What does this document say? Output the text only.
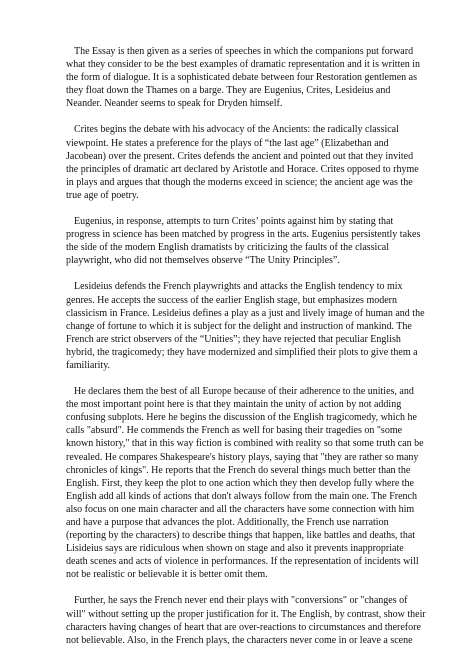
The Essay is then given as a series of speeches in which the companions put forward what they consider to be the best examples of dramatic representation and it is written in the form of dialogue. It is a sophisticated debate between four Restoration gentlemen as they float down the Thames on a barge. They are Eugenius, Crites, Lesideius and Neander. Neander seems to speak for Dryden himself.

Crites begins the debate with his advocacy of the Ancients: the radically classical viewpoint. He states a preference for the plays of “the last age” (Elizabethan and Jacobean) over the present. Crites defends the ancient and pointed out that they invited the principles of dramatic art declared by Aristotle and Horace. Crites opposed to rhyme in plays and argues that though the moderns exceed in science; the ancient age was the true age of poetry.

Eugenius, in response, attempts to turn Crites’ points against him by stating that progress in science has been matched by progress in the arts. Eugenius persistently takes the side of the modern English dramatists by criticizing the faults of the classical playwright, who did not themselves observe “The Unity Principles”.

Lesideius defends the French playwrights and attacks the English tendency to mix genres. He accepts the success of the earlier English stage, but emphasizes modern classicism in France. Lesideius defines a play as a just and lively image of human and the change of fortune to which it is subject for the delight and instruction of mankind. The French are strict observers of the “Unities”; they have rejected that peculiar English hybrid, the tragicomedy; they have modernized and simplified their plots to give them a familiarity.

He declares them the best of all Europe because of their adherence to the unities, and the most important point here is that they maintain the unity of action by not adding confusing subplots. Here he begins the discussion of the English tragicomedy, which he calls "absurd". He commends the French as well for basing their tragedies on "some known history," that in this way fiction is combined with reality so that some truth can be revealed. He compares Shakespeare's history plays, saying that "they are rather so many chronicles of kings". He reports that the French do several things much better than the English. First, they keep the plot to one action which they then develop fully where the English add all kinds of actions that don't always follow from the main one. The French also focus on one main character and all the characters have some connection with him and have a purpose that advances the plot. Additionally, the French use narration (reporting by the characters) to describe things that happen, like battles and deaths, that Lisideius says are ridiculous when shown on stage and also it prevents inappropriate death scenes and acts of violence in performances. If the representation of incidents will not be realistic or believable it is better omit them.

Further, he says the French never end their plays with "conversions" or "changes of will" without setting up the proper justification for it. The English, by contrast, show their characters having changes of heart that are over-reactions to circumstances and therefore not believable. Also, in the French plays, the characters never come in or leave a scene
